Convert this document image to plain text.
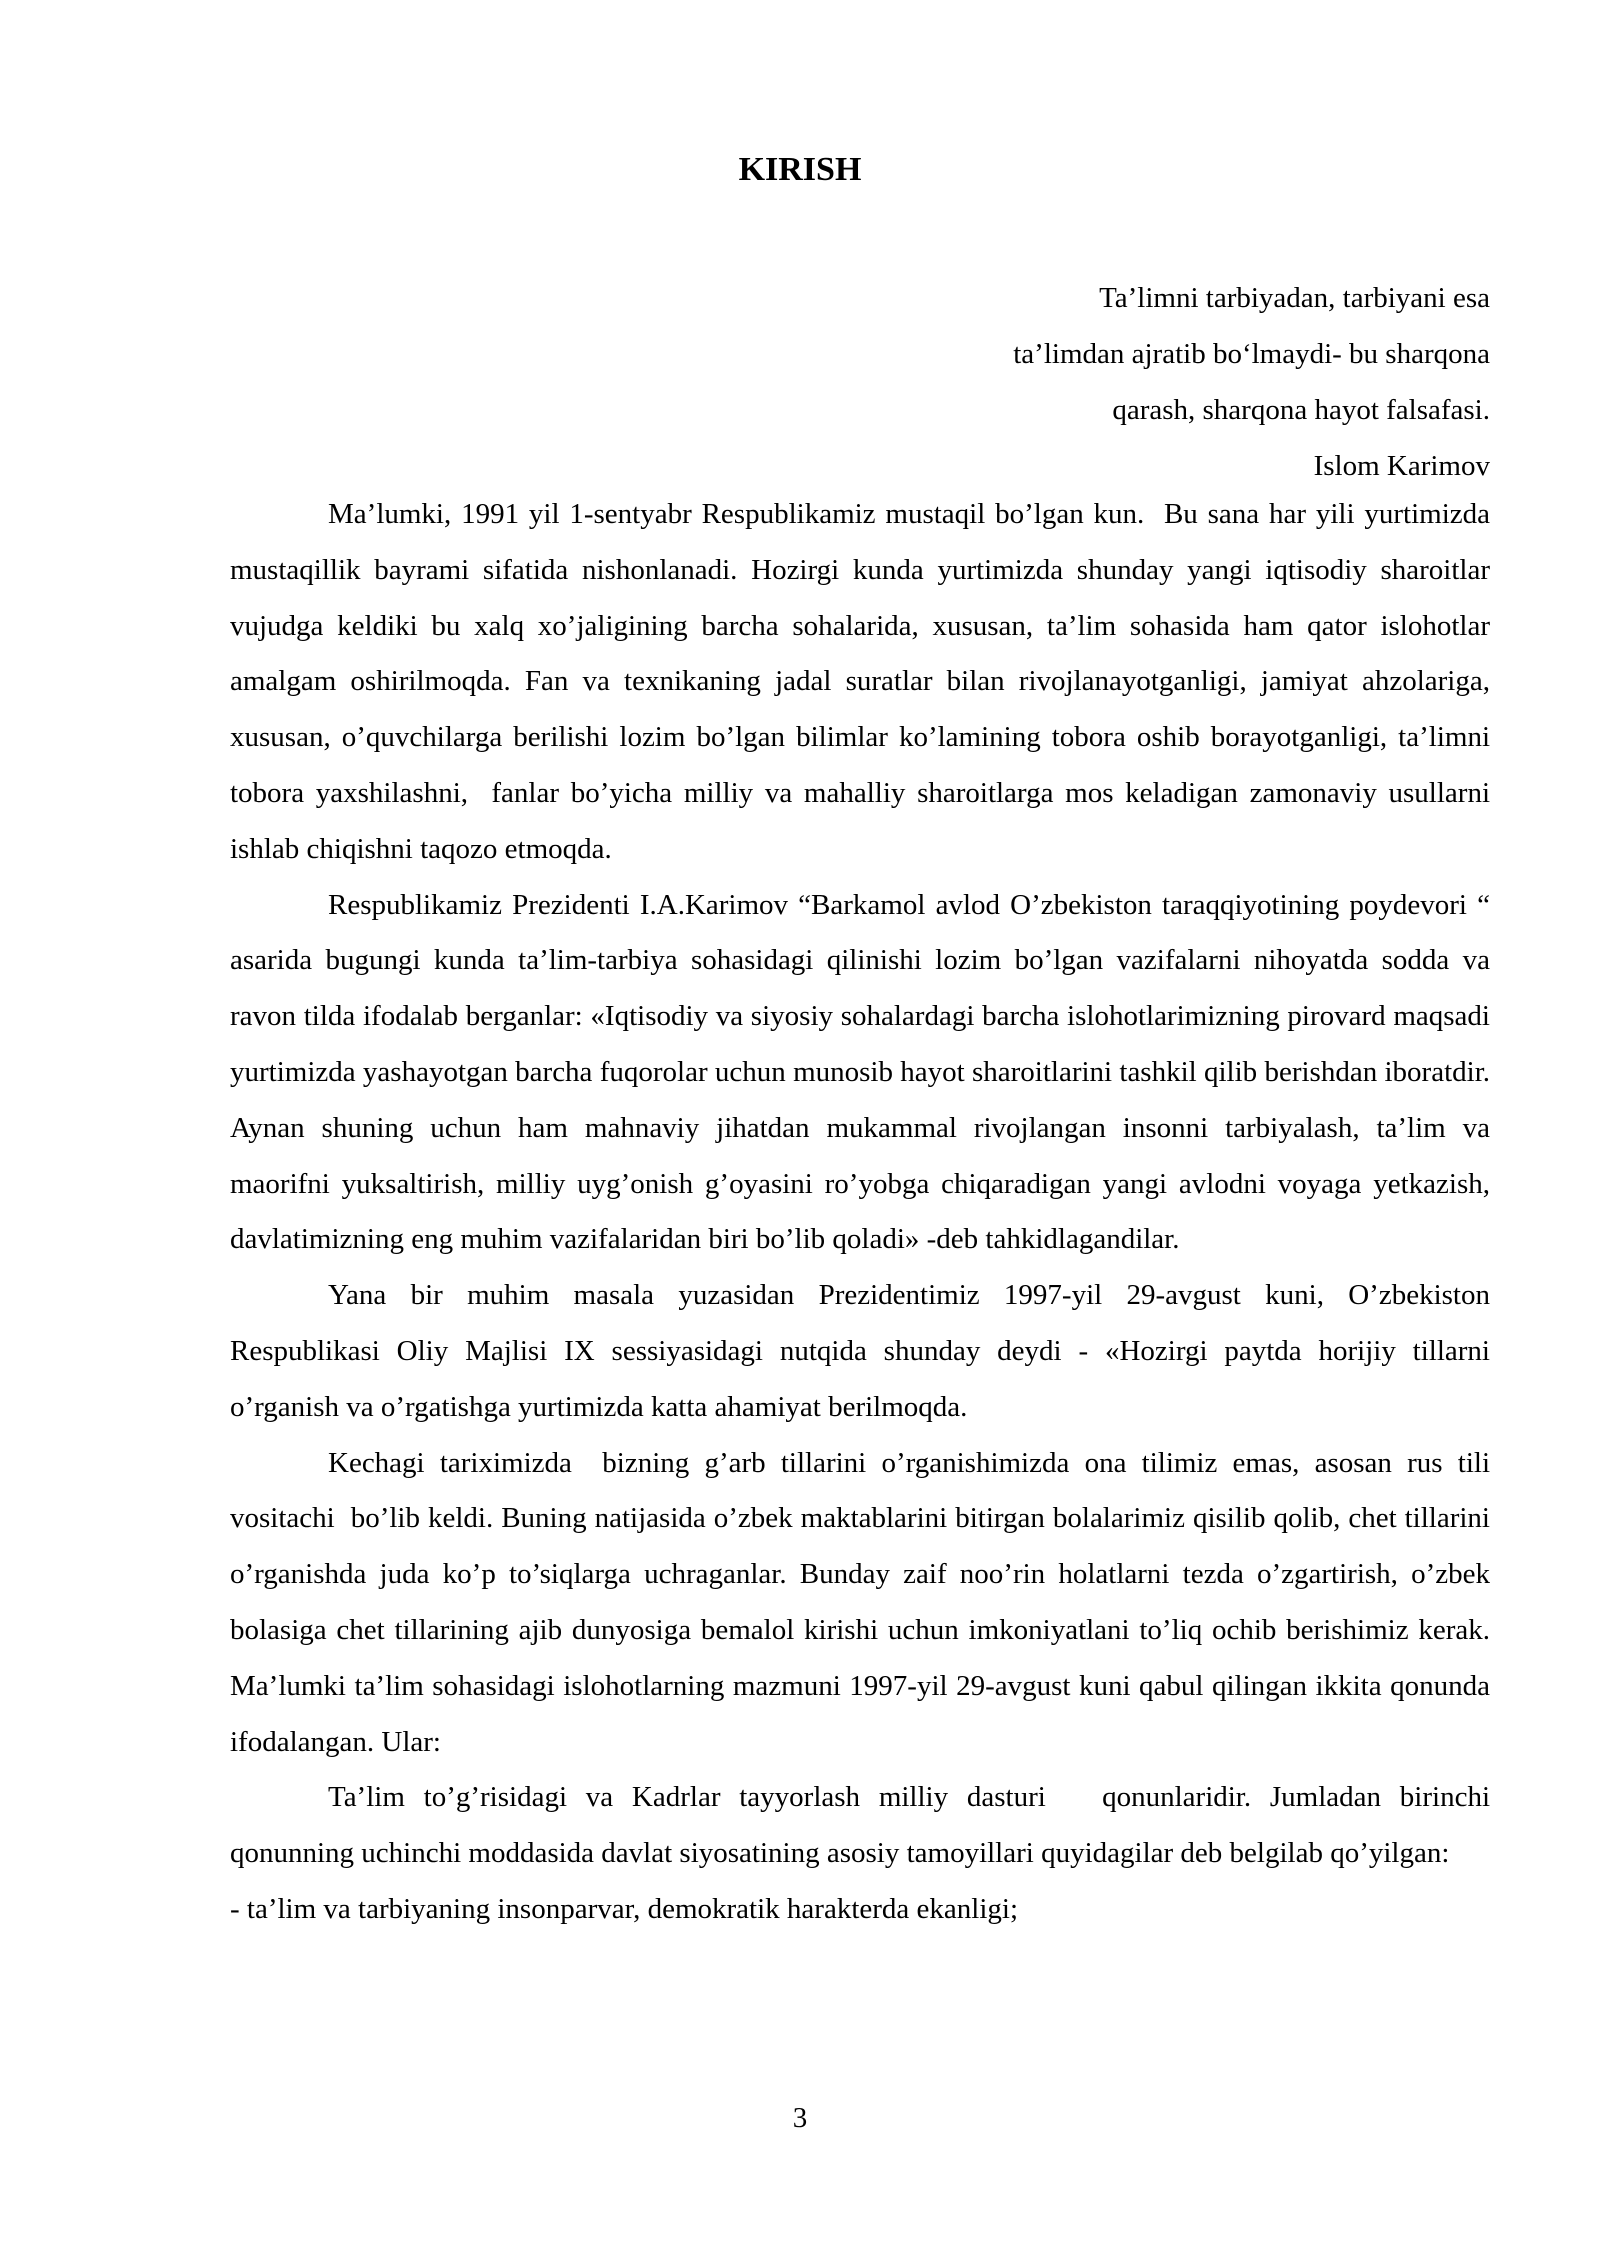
KIRISH
Ta’limni tarbiyadan, tarbiyani esa
ta’limdan ajratib bo‘lmaydi- bu sharqona
qarash, sharqona hayot falsafasi.
Islom Karimov

Ma’lumki, 1991 yil 1-sentyabr Respublikamiz mustaqil bo’lgan kun.  Bu sana har yili yurtimizda mustaqillik bayrami sifatida nishonlanadi. Hozirgi kunda yurtimizda shunday yangi iqtisodiy sharoitlar vujudga keldiki bu xalq xo’jaligining barcha sohalarida, xususan, ta’lim sohasida ham qator islohotlar amalgam oshirilmoqda. Fan va texnikaning jadal suratlar bilan rivojlanayotganligi, jamiyat ahzolariga, xususan, o’quvchilarga berilishi lozim bo’lgan bilimlar ko’lamining tobora oshib borayotganligi, ta’limni tobora yaxshilashni,  fanlar bo’yicha milliy va mahalliy sharoitlarga mos keladigan zamonaviy usullarni ishlab chiqishni taqozo etmoqda.

Respublikamiz Prezidenti I.A.Karimov “Barkamol avlod O’zbekiston taraqqiyotining poydevori “   asarida bugungi kunda ta’lim-tarbiya sohasidagi qilinishi lozim bo’lgan vazifalarni nihoyatda sodda va ravon tilda ifodalab berganlar: «Iqtisodiy va siyosiy sohalardagi barcha islohotlarimizning pirovard maqsadi yurtimizda yashayotgan barcha fuqorolar uchun munosib hayot sharoitlarini tashkil qilib berishdan iboratdir. Aynan shuning uchun ham mahnaviy jihatdan mukammal rivojlangan insonni tarbiyalash, ta’lim va maorifni yuksaltirish, milliy uyg’onish g’oyasini ro’yobga chiqaradigan yangi avlodni voyaga yetkazish, davlatimizning eng muhim vazifalaridan biri bo’lib qoladi» -deb tahkidlagandilar.

Yana bir muhim masala yuzasidan Prezidentimiz 1997-yil 29-avgust kuni, O’zbekiston Respublikasi Oliy Majlisi IX sessiyasidagi nutqida shunday deydi - «Hozirgi paytda horijiy tillarni o’rganish va o’rgatishga yurtimizda katta ahamiyat berilmoqda.

Kechagi tariximizda  bizning g’arb tillarini o’rganishimizda ona tilimiz emas, asosan rus tili  vositachi  bo’lib keldi. Buning natijasida o’zbek maktablarini bitirgan bolalarimiz qisilib qolib, chet tillarini o’rganishda juda ko’p to’siqlarga uchraganlar. Bunday zaif noo’rin holatlarni tezda o’zgartirish, o’zbek bolasiga chet tillarining ajib dunyosiga bemalol kirishi uchun imkoniyatlani to’liq ochib berishimiz kerak.  Ma’lumki ta’lim sohasidagi islohotlarning mazmuni 1997-yil 29-avgust kuni qabul qilingan ikkita qonunda ifodalangan. Ular:

Ta’lim to’g’risidagi va Kadrlar tayyorlash milliy dasturi   qonunlaridir. Jumladan birinchi qonunning uchinchi moddasida davlat siyosatining asosiy tamoyillari quyidagilar deb belgilab qo’yilgan:

- ta’lim va tarbiyaning insonparvar, demokratik harakterda ekanligi;

3
